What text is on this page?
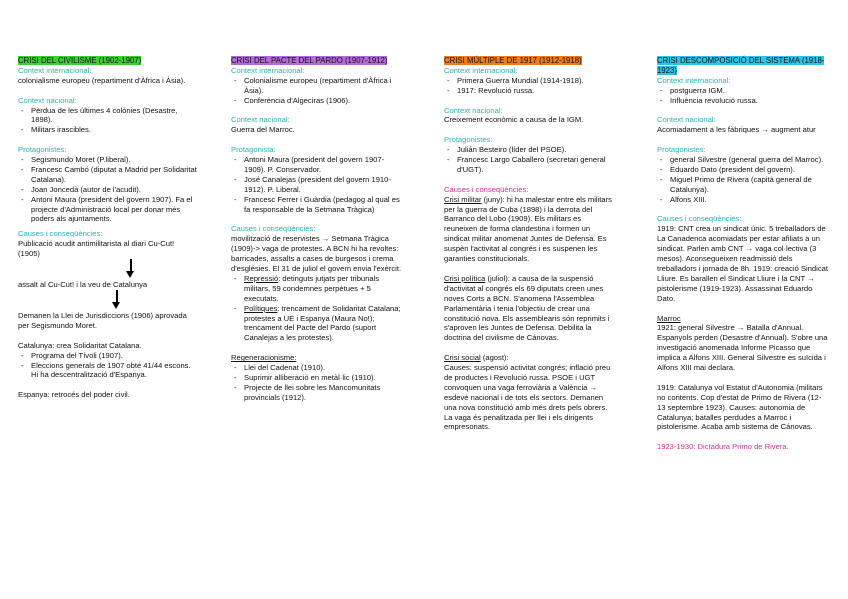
CRISI DEL CIVILISME (1902-1907)
Context internacional:
colonialisme europeu (repartiment d'Àfrica i Àsia).
Context nacional:
- Pèrdua de les últimes 4 colònies (Desastre, 1898).
- Militars irascibles.
Protagonistes:
- Segismundo Moret (P.liberal).
- Francesc Cambó (diputat a Madrid per Solidaritat Catalana).
- Joan Joncedà (autor de l'acudit).
- Antoni Maura (president del govern 1907). Fa el projecte d'Administració local per donar més poders als ajuntaments.
Causes i conseqüències:
Publicació acudit antimilitarista al diari Cu-Cut! (1905)
assalt al Cu-Cut! i la veu de Catalunya
Demanen la Llei de Jurisdiccions (1906) aprovada per Segismundo Moret.
Catalunya: crea Solidaritat Catalana.
- Programa del Tívoli (1907).
- Eleccions generals de 1907 obté 41/44 escons. Hi ha descentralització d'Espanya.
Espanya: retrocés del poder civil.
CRISI DEL PACTE DEL PARDO (1907-1912)
Context internacional:
- Colonialisme europeu (repartiment d'Àfrica i Àsia).
- Conferència d'Algeciras (1906).
Context nacional:
Guerra del Marroc.
Protagonista:
- Antoni Maura (president del govern 1907-1909). P. Conservador.
- José Canalejas (president del govern 1910-1912). P. Liberal.
- Francesc Ferrer i Guàrdia (pedagog al qual es fa responsable de la Setmana Tràgica)
Causes i conseqüències:
movilització de reservistes → Setmana Tràgica (1909)-> vaga de protestes. A BCN hi ha revoltes: barricades, assalts a cases de burgesos i crema d'esglésies. El 31 de juliol el govern envia l'exèrcit.
- Repressió: detinguts jutjats per tribunals militars, 59 condemnes perpètues + 5 executats.
- Polítiques: trencament de Solidaritat Catalana; protestes a UE i Espanya (Maura No!); trencament del Pacte del Pardo (suport Canalejas a les protestes).
Regeneracionisme:
- Llei del Cadenat (1910).
- Suprimir alliberació en metàl·lic (1910).
- Projecte de llei sobre les Mancomunitats provincials (1912).
CRISI MÚLTIPLE DE 1917 (1912-1918)
Context internacional:
- Primera Guerra Mundial (1914-1918).
- 1917: Revolució russa.
Context nacional:
Creixement econòmic a causa de la IGM.
Protagonistes:
- Julián Besteiro (líder del PSOE).
- Francesc Largo Caballero (secretari general d'UGT).
Causes i conseqüències:
Crisi militar (juny): hi ha malestar entre els militars per la guerra de Cuba (1898) i la derrota del Barranco del Lobo (1909). Els militars es reuneixen de forma clandestina i formen un sindicat militar anomenat Juntes de Defensa. Es suspèn l'activitat al congrés i es suspenen les garanties constitucionals.
Crisi política (juliol): a causa de la suspensió d'activitat al congrés els 69 diputats creen unes noves Corts a BCN. S'anomena l'Assemblea Parlamentària i tenia l'objectiu de crear una constitució nova. Els assemblearis són reprimits i s'aproven les Juntes de Defensa. Debilita la doctrina del civilisme de Cánovas.
Crisi social (agost):
Causes: suspensió activitat congrés; inflació preu de productes i Revolució russa. PSOE i UGT convoquen una vaga ferroviària a València → esdevé nacional i de tots els sectors. Demanen una nova constitució amb més drets pels obrers. La vaga és penalitzada per llei i els dirigents empresonats.
CRISI DESCOMPOSICIÓ DEL SISTEMA (1918-1923)
Context internacional:
- postguerra IGM.
- Influència revolució russa.
Context nacional:
Acomiadament a les fàbriques → augment atur
Protagonistes:
- general Silvestre (general guerra del Marroc).
- Eduardo Dato (president del govern).
- Miguel Primo de Rivera (capità general de Catalunya).
- Alfons XIII.
Causes i conseqüències:
1919: CNT crea un sindicat únic. 5 treballadors de La Canadenca acomiadats per estar afiliats a un sindicat. Parlen amb CNT → vaga col·lectiva (3 mesos). Aconsegueixen readmissió dels treballadors i jornada de 8h. 1919: creació Sindicat Lliure. Es barallen el Sindicat Lliure i la CNT → pistolerisme (1919-1923). Assassinat Eduardo Dato.
Marroc
1921: general Silvestre → Batalla d'Annual. Espanyols perden (Desastre d'Annual). S'obre una investigació anomenada Informe Picasso que implica a Alfons XIII. General Silvestre es suïcida i Alfons XIII mai declara.
1919: Catalunya vol Estatut d'Autonomia (militars no contents. Cop d'estat de Primo de Rivera (12-13 septembre 1923). Causes: autonomia de Catalunya; batalles perdudes a Marroc i pistolerisme. Acaba amb sistema de Cánovas.
1923-1930: Dictadura Primo de Rivera.
